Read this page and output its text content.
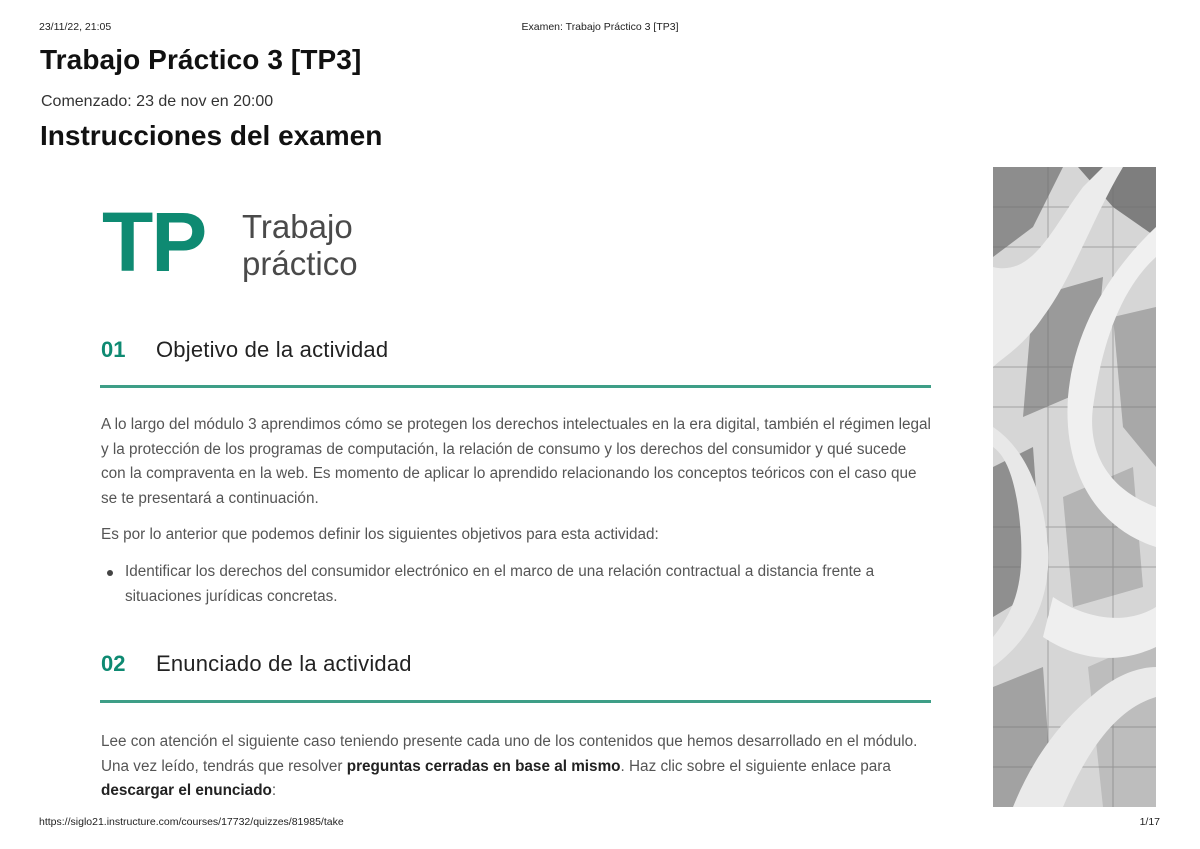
23/11/22, 21:05	Examen: Trabajo Práctico 3 [TP3]
Trabajo Práctico 3 [TP3]
Comenzado: 23 de nov en 20:00
Instrucciones del examen
TP Trabajo
práctico
01 Objetivo de la actividad
A lo largo del módulo 3 aprendimos cómo se protegen los derechos intelectuales en la era digital, también el régimen legal y la protección de los programas de computación, la relación de consumo y los derechos del consumidor y qué sucede con la compraventa en la web. Es momento de aplicar lo aprendido relacionando los conceptos teóricos con el caso que se te presentará a continuación.
Es por lo anterior que podemos definir los siguientes objetivos para esta actividad:
Identificar los derechos del consumidor electrónico en el marco de una relación contractual a distancia frente a situaciones jurídicas concretas.
02 Enunciado de la actividad
Lee con atención el siguiente caso teniendo presente cada uno de los contenidos que hemos desarrollado en el módulo. Una vez leído, tendrás que resolver preguntas cerradas en base al mismo. Haz clic sobre el siguiente enlace para descargar el enunciado:
https://siglo21.instructure.com/courses/17732/quizzes/81985/take	1/17
